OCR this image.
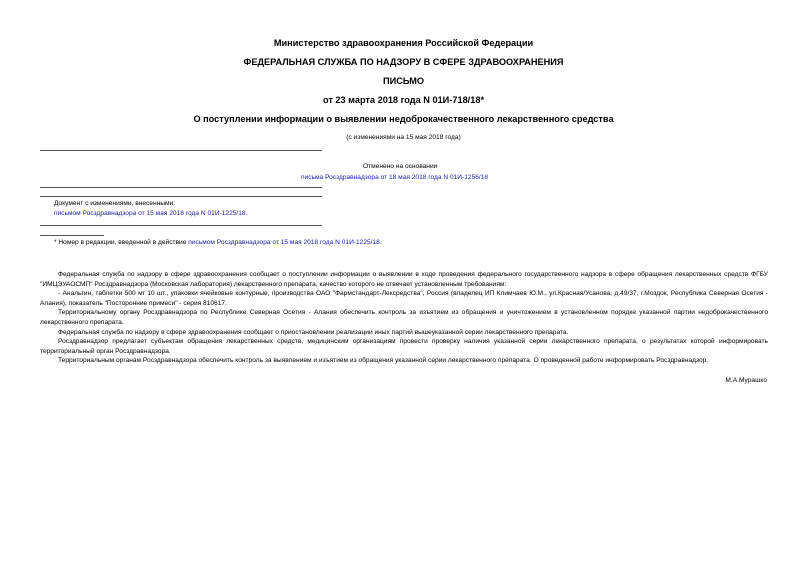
Министерство здравоохранения Российской Федерации
ФЕДЕРАЛЬНАЯ СЛУЖБА ПО НАДЗОРУ В СФЕРЕ ЗДРАВООХРАНЕНИЯ
ПИСЬМО
от 23 марта 2018 года N 01И-718/18*
О поступлении информации о выявлении недоброкачественного лекарственного средства
(с изменениями на 15 мая 2018 года)
Отменено на основании
письма Росздравнадзора от 18 мая 2018 года N 01И-1256/18
Документ с изменениями, внесенными:
письмом Росздравнадзора от 15 мая 2018 года N 01И-1225/18.
* Номер в редакции, введенной в действие письмом Росздравнадзора от 15 мая 2018 года N 01И-1225/18.

Федеральная служба по надзору в сфере здравоохранения сообщает о поступлении информации о выявлении в ходе проведения федерального государственного надзора в сфере обращения лекарственных средств ФГБУ "ИМЦЭУАОСМП" Росздравнадзора (Московская лаборатория) лекарственного препарата, качество которого не отвечает установленным требованиям:

- Анальгин, таблетки 500 мг 10 шт., упаковки ячейковые контурные, производства ОАО "Фармстандарт-Лексредства", Россия (владелец ИП Климчаев Ю.М., ул.Красная/Усанова, д.49/37, г.Моздок, Республика Северная Осетия - Алания), показатель "Посторонние примеси" - серия 810617.

Территориальному органу Росздравнадзора по Республике Северная Осетия - Алания обеспечить контроль за изъятием из обращения и уничтожением в установленном порядке указанной партии недоброкачественного лекарственного препарата.

Федеральная служба по надзору в сфере здравоохранения сообщает о приостановлении реализации иных партий вышеуказанной серии лекарственного препарата.

Росздравнадзор предлагает субъектам обращения лекарственных средств, медицинским организациям провести проверку наличия указанной серии лекарственного препарата, о результатах которой информировать территориальный орган Росздравнадзора.

Территориальным органам Росздравнадзора обеспечить контроль за выявлением и изъятием из обращения указанной серии лекарственного препарата. О проведенной работе информировать Росздравнадзор.

М.А.Мурашко
